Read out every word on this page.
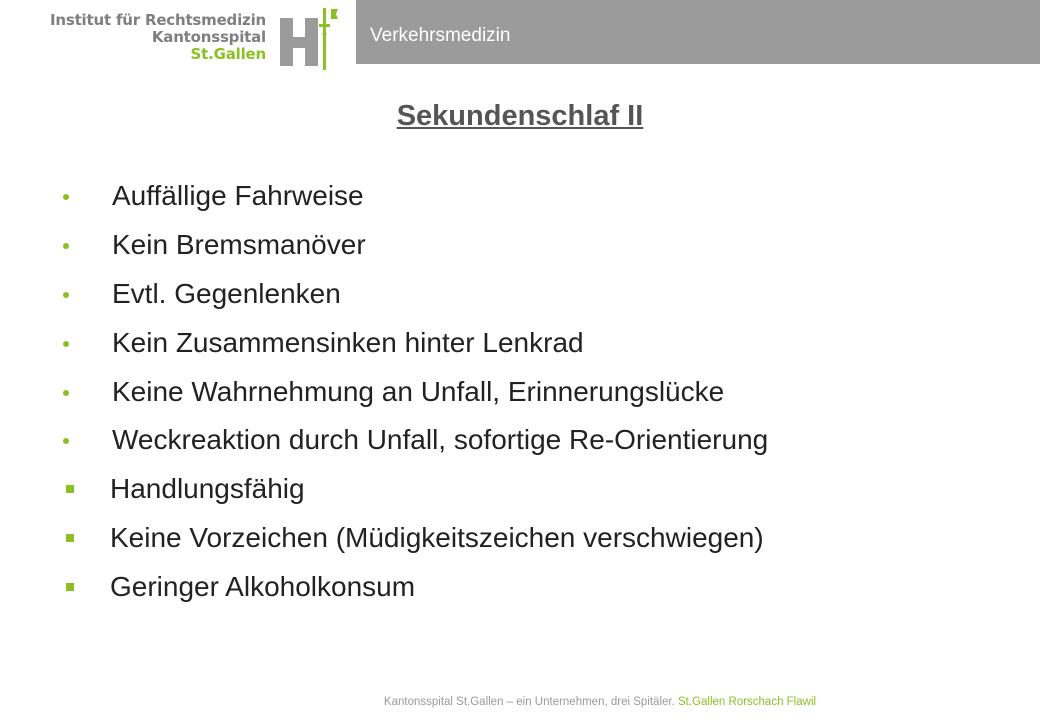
Institut für Rechtsmedizin
Kantonsspital
St.Gallen
Verkehrsmedizin
Sekundenschlaf II
Auffällige Fahrweise
Kein Bremsmanöver
Evtl. Gegenlenken
Kein Zusammensinken hinter Lenkrad
Keine Wahrnehmung an Unfall, Erinnerungslücke
Weckreaktion durch Unfall, sofortige Re-Orientierung
Handlungsfähig
Keine Vorzeichen (Müdigkeitszeichen verschwiegen)
Geringer Alkoholkonsum
Kantonsspital St.Gallen – ein Unternehmen, drei Spitäler. St.Gallen Rorschach Flawil
